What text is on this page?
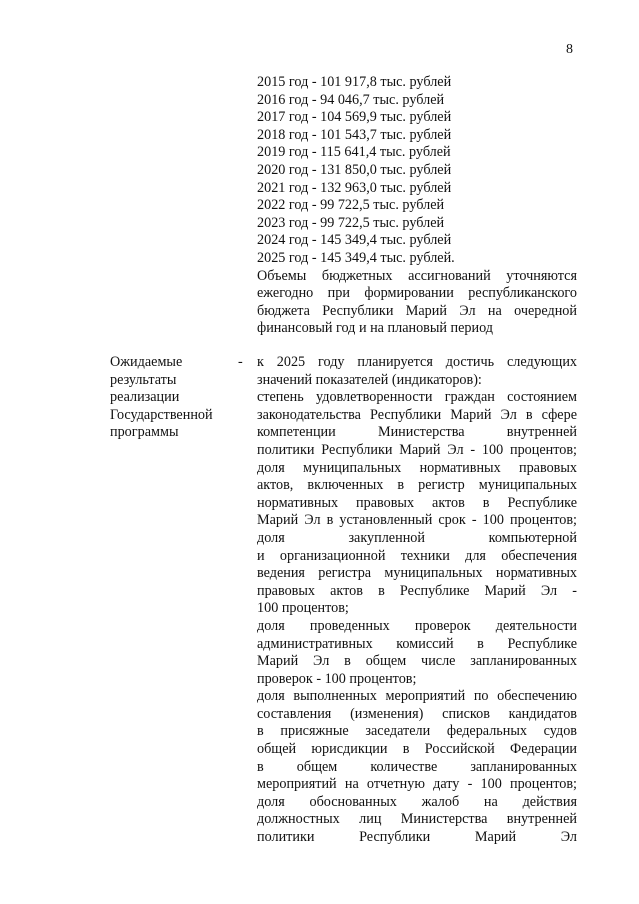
8
2015 год - 101 917,8 тыс. рублей
2016 год - 94 046,7 тыс. рублей
2017 год - 104 569,9 тыс. рублей
2018 год - 101 543,7 тыс. рублей
2019 год - 115 641,4 тыс. рублей
2020 год - 131 850,0 тыс. рублей
2021 год - 132 963,0 тыс. рублей
2022 год - 99 722,5 тыс. рублей
2023 год - 99 722,5 тыс. рублей
2024 год - 145 349,4 тыс. рублей
2025 год - 145 349,4 тыс. рублей.
Объемы бюджетных ассигнований уточняются
ежегодно при формировании республиканского
бюджета Республики Марий Эл на очередной
финансовый год и на плановый период
Ожидаемые
результаты
реализации
Государственной
программы
- к 2025 году планируется достичь следующих
значений показателей (индикаторов):
степень удовлетворенности граждан состоянием
законодательства Республики Марий Эл в сфере
компетенции Министерства внутренней
политики Республики Марий Эл - 100 процентов;
доля муниципальных нормативных правовых
актов, включенных в регистр муниципальных
нормативных правовых актов в Республике
Марий Эл в установленный срок - 100 процентов;
доля закупленной компьютерной
и организационной техники для обеспечения
ведения регистра муниципальных нормативных
правовых актов в Республике Марий Эл -
100 процентов;
доля проведенных проверок деятельности
административных комиссий в Республике
Марий Эл в общем числе запланированных
проверок - 100 процентов;
доля выполненных мероприятий по обеспечению
составления (изменения) списков кандидатов
в присяжные заседатели федеральных судов
общей юрисдикции в Российской Федерации
в общем количестве запланированных
мероприятий на отчетную дату - 100 процентов;
доля обоснованных жалоб на действия
должностных лиц Министерства внутренней
политики Республики Марий Эл
